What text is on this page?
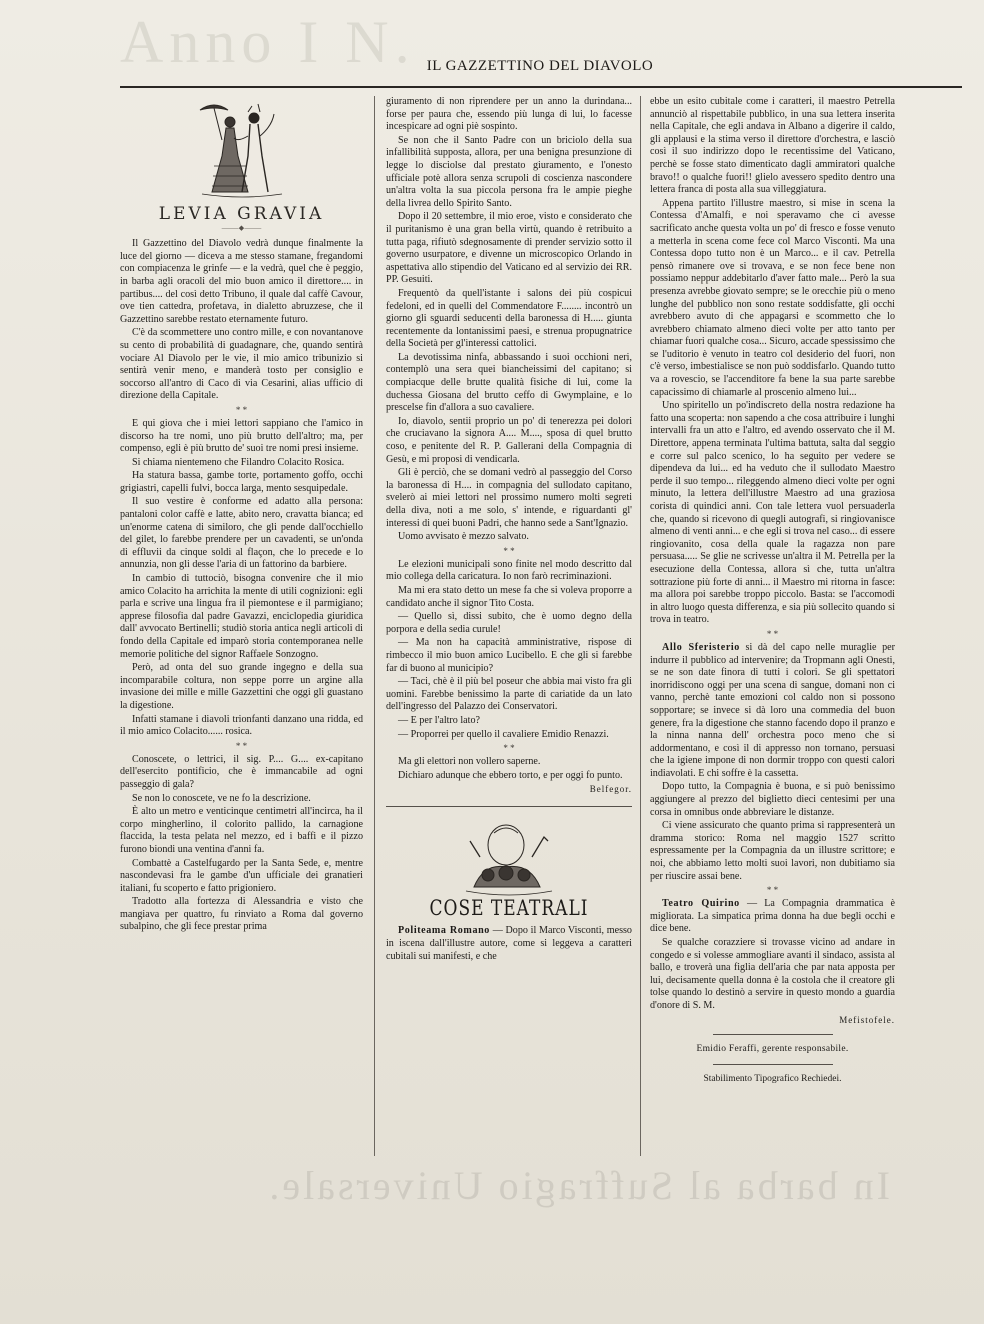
Anno I N. IL GAZZETTINO DEL DIAVOLO
LEVIA GRAVIA
⸻◆⸻

Il Gazzettino del Diavolo vedrà dunque finalmente la luce del giorno — diceva a me stesso stamane, fregandomi con compiacenza le grinfe — e la vedrà, quel che è peggio, in barba agli oracoli del mio buon amico il direttore.... in partibus.... del così detto Tribuno, il quale dal caffè Cavour, ove tien cattedra, profetava, in dialetto abruzzese, che il Gazzettino sarebbe restato eternamente futuro.

C'è da scommettere uno contro mille, e con novantanove su cento di probabilità di guadagnare, che, quando sentirà vociare Al Diavolo per le vie, il mio amico tribunizio si sentirà venir meno, e manderà tosto per consiglio e soccorso all'antro di Caco di via Cesarini, alias ufficio di direzione della Capitale.

* *

E qui giova che i miei lettori sappiano che l'amico in discorso ha tre nomi, uno più brutto dell'altro; ma, per compenso, egli è più brutto de' suoi tre nomi presi insieme.

Si chiama nientemeno che Filandro Colacito Rosica.

Ha statura bassa, gambe torte, portamento goffo, occhi grigiastri, capelli fulvi, bocca larga, mento sesquipedale.

Il suo vestire è conforme ed adatto alla persona: pantaloni color caffè e latte, abito nero, cravatta bianca; ed un'enorme catena di similoro, che gli pende dall'occhiello del gilet, lo farebbe prendere per un cavadenti, se un'onda di effluvii da cinque soldi al flaçon, che lo precede e lo annunzia, non gli desse l'aria di un fattorino da barbiere.

In cambio di tuttociò, bisogna convenire che il mio amico Colacito ha arrichita la mente di utili cognizioni: egli parla e scrive una lingua fra il piemontese e il parmigiano; apprese filosofia dal padre Gavazzi, enciclopedia giuridica dall' avvocato Bertinelli; studiò storia antica negli articoli di fondo della Capitale ed imparò storia contemporanea nelle memorie politiche del signor Raffaele Sonzogno.

Però, ad onta del suo grande ingegno e della sua incomparabile coltura, non seppe porre un argine alla invasione dei mille e mille Gazzettini che oggi gli guastano la digestione.

Infatti stamane i diavoli trionfanti danzano una ridda, ed il mio amico Colacito...... rosica.

* *

Conoscete, o lettrici, il sig. P.... G.... ex-capitano dell'esercito pontificio, che è immancabile ad ogni passeggio di gala?

Se non lo conoscete, ve ne fo la descrizione.

È alto un metro e venticinque centimetri all'incirca, ha il corpo mingherlino, il colorito pallido, la carnagione flaccida, la testa pelata nel mezzo, ed i baffi e il pizzo furono biondi una ventina d'anni fa.

Combattè a Castelfugardo per la Santa Sede, e, mentre nascondevasi fra le gambe d'un ufficiale dei granatieri italiani, fu scoperto e fatto prigioniero.

Tradotto alla fortezza di Alessandria e visto che mangiava per quattro, fu rinviato a Roma dal governo subalpino, che gli fece prestar prima

giuramento di non riprendere per un anno la durindana... forse per paura che, essendo più lunga di lui, lo facesse incespicare ad ogni piè sospinto.

Se non che il Santo Padre con un briciolo della sua infallibilità supposta, allora, per una benigna presunzione di legge lo disciolse dal prestato giuramento, e l'onesto ufficiale potè allora senza scrupoli di coscienza nascondere un'altra volta la sua piccola persona fra le ampie pieghe della livrea dello Spirito Santo.

Dopo il 20 settembre, il mio eroe, visto e considerato che il puritanismo è una gran bella virtù, quando è retribuito a tutta paga, rifiutò sdegnosamente di prender servizio sotto il governo usurpatore, e divenne un microscopico Orlando in aspettativa allo stipendio del Vaticano ed al servizio dei RR. PP. Gesuiti.

Frequentò da quell'istante i salons dei più cospicui fedeloni, ed in quelli del Commendatore F........ incontrò un giorno gli sguardi seducenti della baronessa di H..... giunta recentemente da lontanissimi paesi, e strenua propugnatrice della Società per gl'interessi cattolici.

La devotissima ninfa, abbassando i suoi occhioni neri, contemplò una sera quei biancheissimi del capitano; si compiacque delle brutte qualità fisiche di lui, come la duchessa Giosana del brutto ceffo di Gwymplaine, e lo prescelse fin d'allora a suo cavaliere.

Io, diavolo, sentii proprio un po' di tenerezza pei dolori che cruciavano la signora A.... M...., sposa di quel brutto coso, e penitente del R. P. Gallerani della Compagnia di Gesù, e mi proposi di vendicarla.

Gli è perciò, che se domani vedrò al passeggio del Corso la baronessa di H.... in compagnia del sullodato capitano, svelerò ai miei lettori nel prossimo numero molti segreti della diva, noti a me solo, s' intende, e riguardanti gl' interessi di quei buoni Padri, che hanno sede a Sant'Ignazio.

Uomo avvisato è mezzo salvato.

* *

Le elezioni municipali sono finite nel modo descritto dal mio collega della caricatura. Io non farò recriminazioni.

Ma mi era stato detto un mese fa che si voleva proporre a candidato anche il signor Tito Costa.

— Quello sì, dissi subito, che è uomo degno della porpora e della sedia curule!

— Ma non ha capacità amministrative, rispose di rimbecco il mio buon amico Lucibello. E che gli si farebbe far di buono al municipio?

— Taci, chè è il più bel poseur che abbia mai visto fra gli uomini. Farebbe benissimo la parte di cariatide da un lato dell'ingresso del Palazzo dei Conservatori.

— E per l'altro lato?

— Proporrei per quello il cavaliere Emidio Renazzi.

* *

Ma gli elettori non vollero saperne.

Dichiaro adunque che ebbero torto, e per oggi fo punto.

Belfegor.
COSE TEATRALI

Politeama Romano — Dopo il Marco Visconti, messo in iscena dall'illustre autore, come si leggeva a caratteri cubitali sui manifesti, e che

ebbe un esito cubitale come i caratteri, il maestro Petrella annunciò al rispettabile pubblico, in una sua lettera inserita nella Capitale, che egli andava in Albano a digerire il caldo, gli applausi e la stima verso il direttore d'orchestra, e lasciò così il suo indirizzo dopo le recentissime del Vaticano, perchè se fosse stato dimenticato dagli ammiratori qualche bravo!! o qualche fuori!! glielo avessero spedito dentro una lettera franca di posta alla sua villeggiatura.

Appena partito l'illustre maestro, si mise in scena la Contessa d'Amalfi, e noi speravamo che ci avesse sacrificato anche questa volta un po' di fresco e fosse venuto a metterla in scena come fece col Marco Visconti. Ma una Contessa dopo tutto non è un Marco... e il cav. Petrella pensò rimanere ove si trovava, e se non fece bene non possiamo neppur addebitarlo d'aver fatto male... Però la sua presenza avrebbe giovato sempre; se le orecchie più o meno lunghe del pubblico non sono restate soddisfatte, gli occhi avrebbero avuto di che appagarsi e scommetto che lo avrebbero chiamato almeno dieci volte per atto tanto per chiamar fuori qualche cosa... Sicuro, accade spessissimo che se l'uditorio è venuto in teatro col desiderio del fuori, non c'è verso, imbestialisce se non può soddisfarlo. Quando tutto va a rovescio, se l'accenditore fa bene la sua parte sarebbe capacissimo di chiamarle al proscenio almeno lui...

Uno spiritello un po'indiscreto della nostra redazione ha fatto una scoperta: non sapendo a che cosa attribuire i lunghi intervalli fra un atto e l'altro, ed avendo osservato che il M. Direttore, appena terminata l'ultima battuta, salta dal seggio e corre sul palco scenico, lo ha seguito per vedere se dipendeva da lui... ed ha veduto che il sullodato Maestro perde il suo tempo... rileggendo almeno dieci volte per ogni minuto, la lettera dell'illustre Maestro ad una graziosa corista di quindici anni. Con tale lettera vuol persuaderla che, quando si ricevono di quegli autografi, si ringiovanisce almeno di venti anni... e che egli si trova nel caso... di essere ringiovanito, cosa della quale la ragazza non pare persuasa..... Se glie ne scrivesse un'altra il M. Petrella per la esecuzione della Contessa, allora sì che, tutta un'altra sottrazione più forte di anni... il Maestro mi ritorna in fasce: ma allora poi sarebbe troppo piccolo. Basta: se l'accomodi in altro luogo questa differenza, e sia più sollecito quando si trova in teatro.

* *

Allo Sferisterio si dà del capo nelle muraglie per indurre il pubblico ad intervenire; da Tropmann agli Onesti, se ne son date finora di tutti i colori. Se gli spettatori inorridiscono oggi per una scena di sangue, domani non ci vanno, perchè tante emozioni col caldo non si possono sopportare; se invece si dà loro una commedia del buon genere, fra la digestione che stanno facendo dopo il pranzo e la ninna nanna dell' orchestra poco meno che si addormentano, e così il di appresso non tornano, persuasi che la igiene impone di non dormir troppo con questi calori indiavolati. E chi soffre è la cassetta.

Dopo tutto, la Compagnia è buona, e si può benissimo aggiungere al prezzo del biglietto dieci centesimi per una corsa in omnibus onde abbreviare le distanze.

Ci viene assicurato che quanto prima si rappresenterà un dramma storico: Roma nel maggio 1527 scritto espressamente per la Compagnia da un illustre scrittore; e noi, che abbiamo letto molti suoi lavori, non dubitiamo sia per riuscire assai bene.

* *

Teatro Quirino — La Compagnia drammatica è migliorata. La simpatica prima donna ha due begli occhi e dice bene.

Se qualche corazziere si trovasse vicino ad andare in congedo e si volesse ammogliare avanti il sindaco, assista al ballo, e troverà una figlia dell'aria che par nata apposta per lui, decisamente quella donna è la costola che il creatore gli tolse quando lo destinò a servire in questo mondo a guardia d'onore di S. M.

Mefistofele.
Emidio Feraffi, gerente responsabile.
Stabilimento Tipografico Rechiedei.
In barba al Suffragio Universale.
